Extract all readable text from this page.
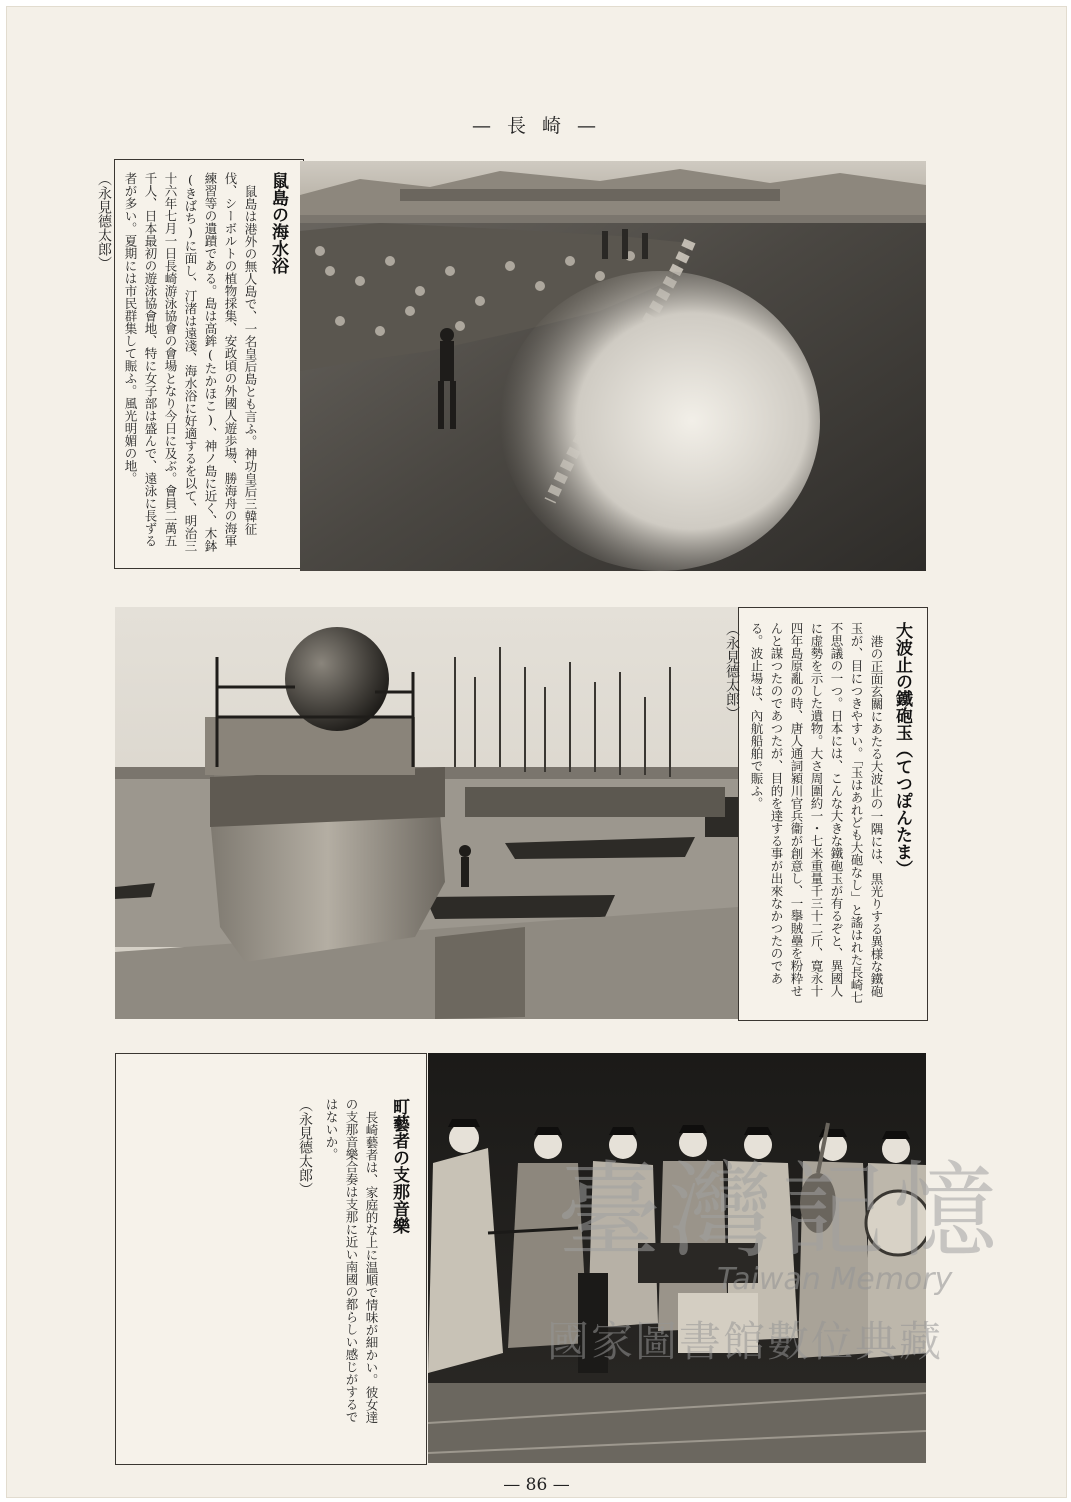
— 長 崎 —
鼠島の海水浴
鼠島は港外の無人島で、一名皇后島とも言ふ。神功皇后三韓征伐、シーボルトの植物採集、安政頃の外國人遊歩場、勝海舟の海軍練習等の遺蹟である。島は高鉾(たかほこ)、神ノ島に近く、木鉢(きばち)に面し、汀渚は遠淺、海水浴に好適するを以て、明治三十六年七月一日長崎游泳協會の會場となり今日に及ぶ。會員二萬五千人、日本最初の遊泳協會地、特に女子部は盛んで、遠泳に長ずる者が多い。夏期には市民群集して賑ふ。風光明媚の地。
（永見德太郎）
大波止の鐵砲玉（てつぽんたま）
港の正面玄關にあたる大波止の一隅には、黒光りする異様な鐵砲玉が、目につきやすい。「玉はあれども大砲なし」と謠はれた長崎七不思議の一つ。日本には、こんな大きな鐵砲玉が有るぞと、異國人に虚勢を示した遺物。大さ周圍約一・七米重量千三十二斤、寛永十四年島原亂の時、唐人通詞潁川官兵衞が創意し、一擧賊壘を粉粋せんと謀つたのであつたが、目的を達する事が出來なかつたのである。波止場は、內航船舶で賑ふ。
（永見德太郎）
町藝者の支那音樂
長崎藝者は、家庭的な上に温順で情味が細かい。彼女達の支那音樂合奏は支那に近い南國の都らしい感じがするではないか。
（永見德太郎）
臺灣記憶
Taiwan Memory
國家圖書館數位典藏
— 86 —
